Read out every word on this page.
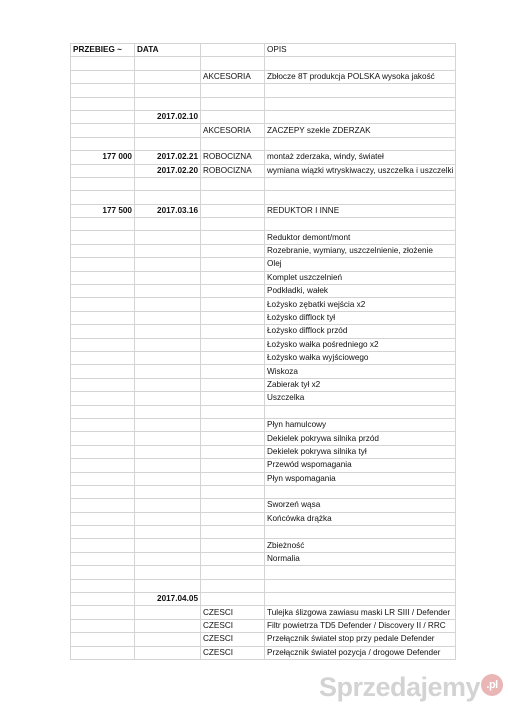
PRZEBIEG ~	DATA		OPIS

		AKCESORIA	Zbłocze 8T produkcja POLSKA wysoka jakość

	2017.02.10		
		AKCESORIA	ZACZEPY szekle ZDERZAK

177 000	2017.02.21	ROBOCIZNA	montaż zderzaka, windy, świateł
	2017.02.20	ROBOCIZNA	wymiana wiązki wtryskiwaczy, uszczelka i uszczelki

177 500	2017.03.16		REDUKTOR I INNE

			Reduktor demont/mont
			Rozebranie, wymiany, uszczelnienie, złożenie
			Olej
			Komplet uszczelnień
			Podkładki, wałek
			Łożysko zębatki wejścia x2
			Łożysko difflock tył
			Łożysko difflock przód
			Łożysko wałka pośredniego x2
			Łożysko wałka wyjściowego
			Wiskoza
			Zabierak tył x2
			Uszczelka

			Płyn hamulcowy
			Dekielek pokrywa silnika przód
			Dekielek pokrywa silnika tył
			Przewód wspomagania
			Płyn wspomagania

			Sworzeń wąsa
			Końcówka drążka

			Zbieżność
			Normalia

	2017.04.05		
		CZESCI	Tulejka ślizgowa zawiasu maski LR SIII / Defender
		CZESCI	Filtr powietrza TD5 Defender / Discovery II / RRC
		CZESCI	Przełącznik świateł stop przy pedale Defender
		CZESCI	Przełącznik świateł pozycja / drogowe Defender
Sprzedajemy .pl
